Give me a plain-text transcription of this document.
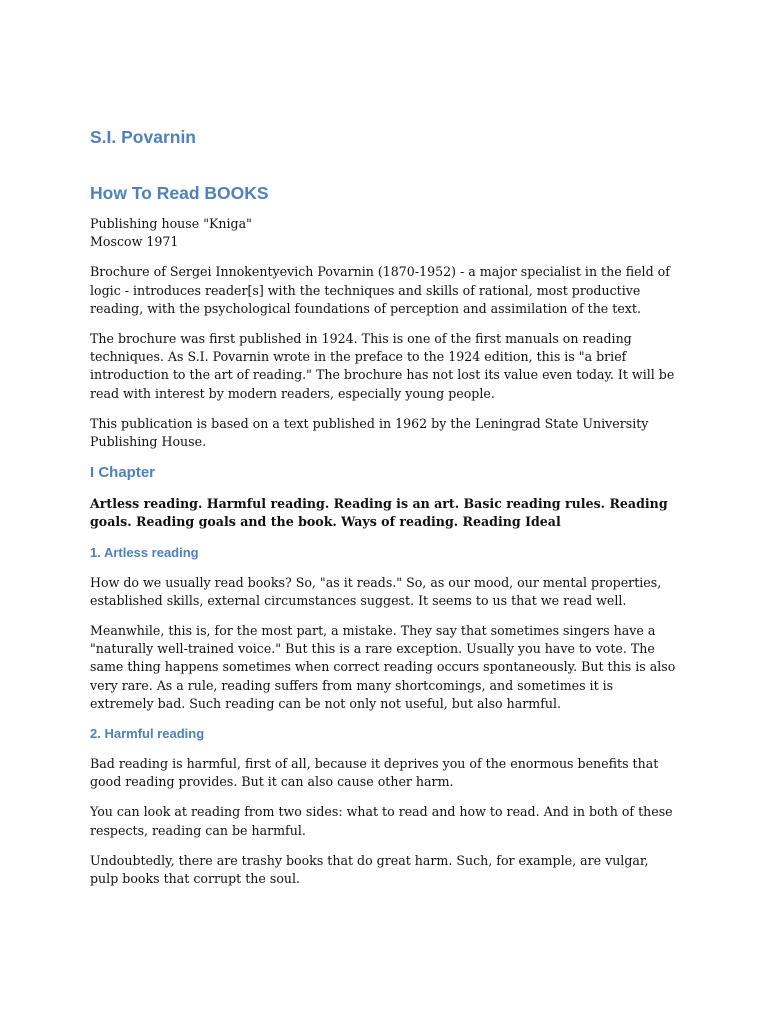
S.I. Povarnin
How To Read BOOKS

Publishing house "Kniga"
Moscow 1971

Brochure of Sergei Innokentyevich Povarnin (1870-1952) - a major specialist in the field of logic - introduces reader[s] with the techniques and skills of rational, most productive reading, with the psychological foundations of perception and assimilation of the text.

The brochure was first published in 1924. This is one of the first manuals on reading techniques. As S.I. Povarnin wrote in the preface to the 1924 edition, this is "a brief introduction to the art of reading." The brochure has not lost its value even today. It will be read with interest by modern readers, especially young people.

This publication is based on a text published in 1962 by the Leningrad State University Publishing House.

I Chapter

Artless reading. Harmful reading. Reading is an art. Basic reading rules. Reading goals. Reading goals and the book. Ways of reading. Reading Ideal

1. Artless reading

How do we usually read books? So, "as it reads." So, as our mood, our mental properties, established skills, external circumstances suggest. It seems to us that we read well.

Meanwhile, this is, for the most part, a mistake. They say that sometimes singers have a "naturally well-trained voice." But this is a rare exception. Usually you have to vote. The same thing happens sometimes when correct reading occurs spontaneously. But this is also very rare. As a rule, reading suffers from many shortcomings, and sometimes it is extremely bad. Such reading can be not only not useful, but also harmful.

2. Harmful reading

Bad reading is harmful, first of all, because it deprives you of the enormous benefits that good reading provides. But it can also cause other harm.

You can look at reading from two sides: what to read and how to read. And in both of these respects, reading can be harmful.

Undoubtedly, there are trashy books that do great harm. Such, for example, are vulgar, pulp books that corrupt the soul.
